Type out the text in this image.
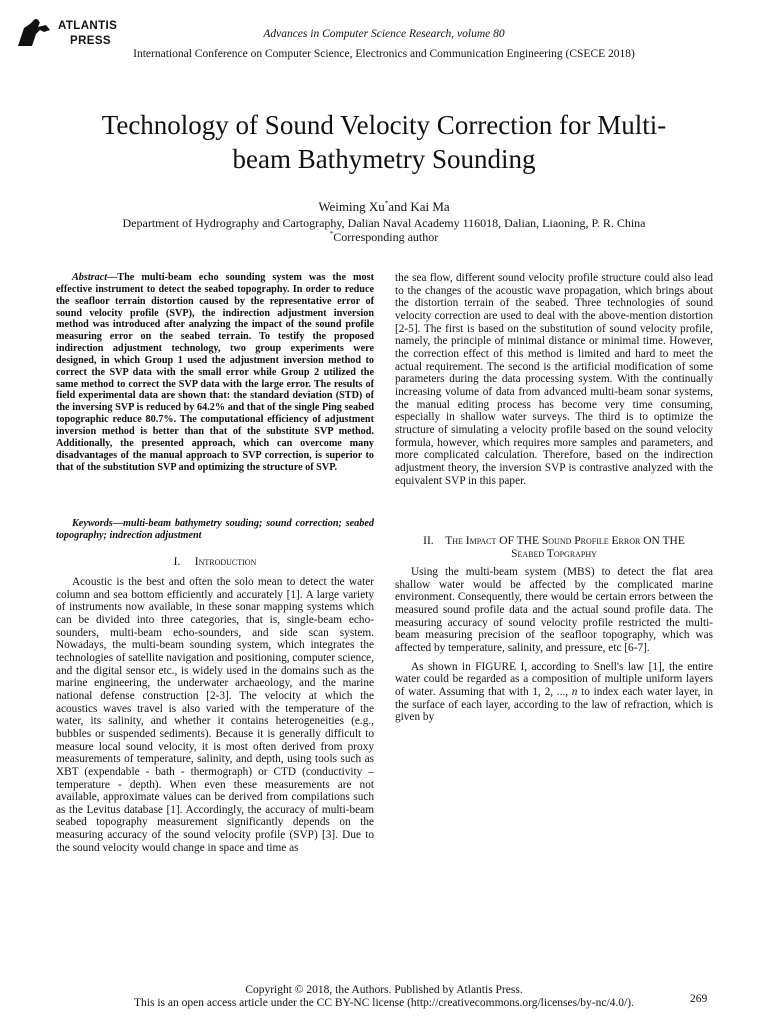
ATLANTIS
PRESS
Advances in Computer Science Research, volume 80
International Conference on Computer Science, Electronics and Communication Engineering (CSECE 2018)
Technology of Sound Velocity Correction for Multi-
beam Bathymetry Sounding
Weiming Xu*and Kai Ma
Department of Hydrography and Cartography, Dalian Naval Academy 116018, Dalian, Liaoning, P. R. China
*Corresponding author

Abstract—The multi-beam echo sounding system was the most effective instrument to detect the seabed topography. In order to reduce the seafloor terrain distortion caused by the representative error of sound velocity profile (SVP), the indirection adjustment inversion method was introduced after analyzing the impact of the sound profile measuring error on the seabed terrain. To testify the proposed indirection adjustment technology, two group experiments were designed, in which Group 1 used the adjustment inversion method to correct the SVP data with the small error while Group 2 utilized the same method to correct the SVP data with the large error. The results of field experimental data are shown that: the standard deviation (STD) of the inversing SVP is reduced by 64.2% and that of the single Ping seabed topographic reduce 80.7%. The computational efficiency of adjustment inversion method is better than that of the substitute SVP method. Additionally, the presented approach, which can overcome many disadvantages of the manual approach to SVP correction, is superior to that of the substitution SVP and optimizing the structure of SVP.

Keywords—multi-beam bathymetry souding; sound correction; seabed topography; indrection adjustment

I. Introduction

Acoustic is the best and often the solo mean to detect the water column and sea bottom efficiently and accurately [1]. A large variety of instruments now available, in these sonar mapping systems which can be divided into three categories, that is, single-beam echo-sounders, multi-beam echo-sounders, and side scan system. Nowadays, the multi-beam sounding system, which integrates the technologies of satellite navigation and positioning, computer science, and the digital sensor etc., is widely used in the domains such as the marine engineering, the underwater archaeology, and the marine national defense construction [2-3]. The velocity at which the acoustics waves travel is also varied with the temperature of the water, its salinity, and whether it contains heterogeneities (e.g., bubbles or suspended sediments). Because it is generally difficult to measure local sound velocity, it is most often derived from proxy measurements of temperature, salinity, and depth, using tools such as XBT (expendable - bath - thermograph) or CTD (conductivity – temperature - depth). When even these measurements are not available, approximate values can be derived from compilations such as the Levitus database [1]. Accordingly, the accuracy of multi-beam seabed topography measurement significantly depends on the measuring accuracy of the sound velocity profile (SVP) [3]. Due to the sound velocity would change in space and time as

the sea flow, different sound velocity profile structure could also lead to the changes of the acoustic wave propagation, which brings about the distortion terrain of the seabed. Three technologies of sound velocity correction are used to deal with the above-mention distortion [2-5]. The first is based on the substitution of sound velocity profile, namely, the principle of minimal distance or minimal time. However, the correction effect of this method is limited and hard to meet the actual requirement. The second is the artificial modification of some parameters during the data processing system. With the continually increasing volume of data from advanced multi-beam sonar systems, the manual editing process has become very time consuming, especially in shallow water surveys. The third is to optimize the structure of simulating a velocity profile based on the sound velocity formula, however, which requires more samples and parameters, and more complicated calculation. Therefore, based on the indirection adjustment theory, the inversion SVP is contrastive analyzed with the equivalent SVP in this paper.

II. The Impact OF THE Sound Profile Error ON THE
Seabed Topgraphy

Using the multi-beam system (MBS) to detect the flat area shallow water would be affected by the complicated marine environment. Consequently, there would be certain errors between the measured sound profile data and the actual sound profile data. The measuring accuracy of sound velocity profile restricted the multi-beam measuring precision of the seafloor topography, which was affected by temperature, salinity, and pressure, etc [6-7].

As shown in FIGURE I, according to Snell's law [1], the entire water could be regarded as a composition of multiple uniform layers of water. Assuming that with 1, 2, ..., n to index each water layer, in the surface of each layer, according to the law of refraction, which is given by

Copyright © 2018, the Authors. Published by Atlantis Press.
This is an open access article under the CC BY-NC license (http://creativecommons.org/licenses/by-nc/4.0/).	269
